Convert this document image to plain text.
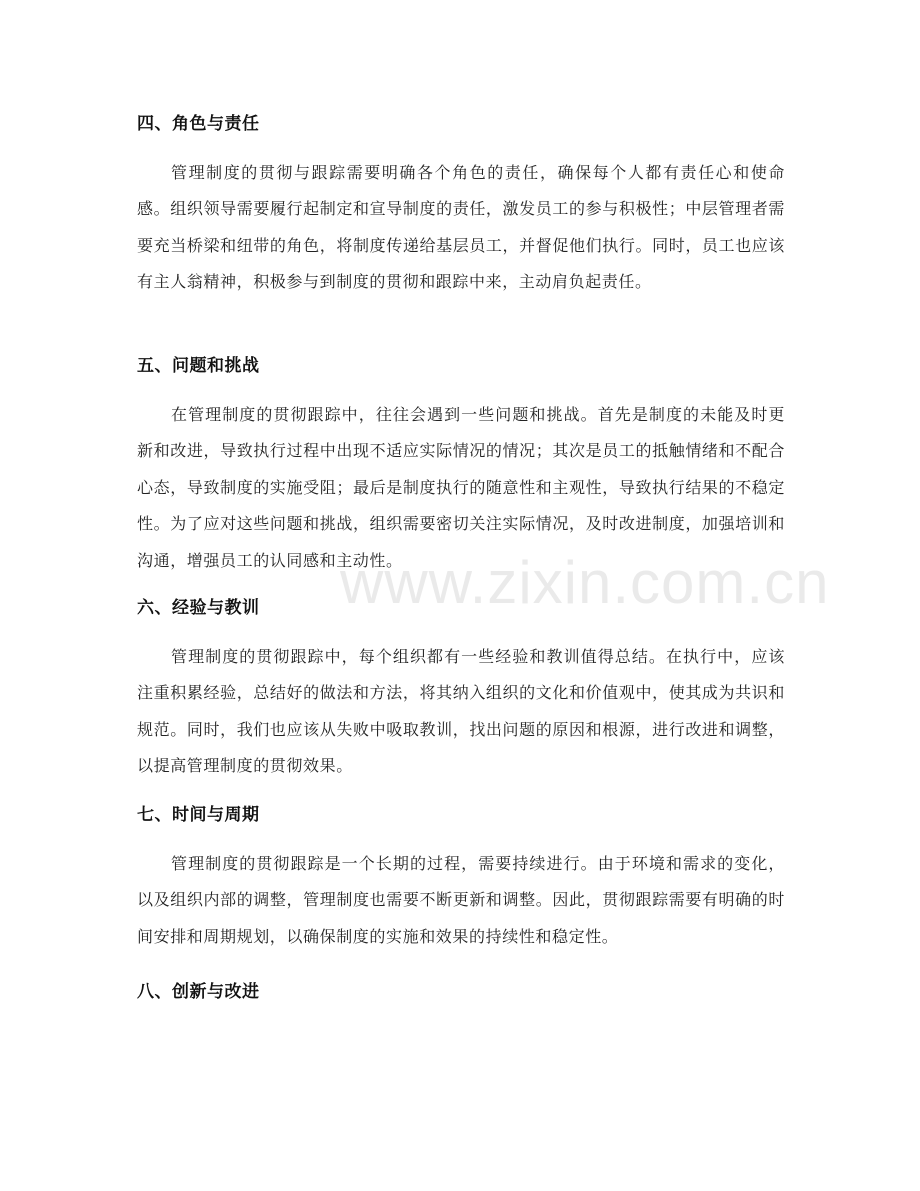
四、角色与责任

管理制度的贯彻与跟踪需要明确各个角色的责任，确保每个人都有责任心和使命感。组织领导需要履行起制定和宣导制度的责任，激发员工的参与积极性；中层管理者需要充当桥梁和纽带的角色，将制度传递给基层员工，并督促他们执行。同时，员工也应该有主人翁精神，积极参与到制度的贯彻和跟踪中来，主动肩负起责任。

五、问题和挑战

在管理制度的贯彻跟踪中，往往会遇到一些问题和挑战。首先是制度的未能及时更新和改进，导致执行过程中出现不适应实际情况的情况；其次是员工的抵触情绪和不配合心态，导致制度的实施受阻；最后是制度执行的随意性和主观性，导致执行结果的不稳定性。为了应对这些问题和挑战，组织需要密切关注实际情况，及时改进制度，加强培训和沟通，增强员工的认同感和主动性。

六、经验与教训

管理制度的贯彻跟踪中，每个组织都有一些经验和教训值得总结。在执行中，应该注重积累经验，总结好的做法和方法，将其纳入组织的文化和价值观中，使其成为共识和规范。同时，我们也应该从失败中吸取教训，找出问题的原因和根源，进行改进和调整，以提高管理制度的贯彻效果。

七、时间与周期

管理制度的贯彻跟踪是一个长期的过程，需要持续进行。由于环境和需求的变化，以及组织内部的调整，管理制度也需要不断更新和调整。因此，贯彻跟踪需要有明确的时间安排和周期规划，以确保制度的实施和效果的持续性和稳定性。

八、创新与改进
www.zixin.com.cn
